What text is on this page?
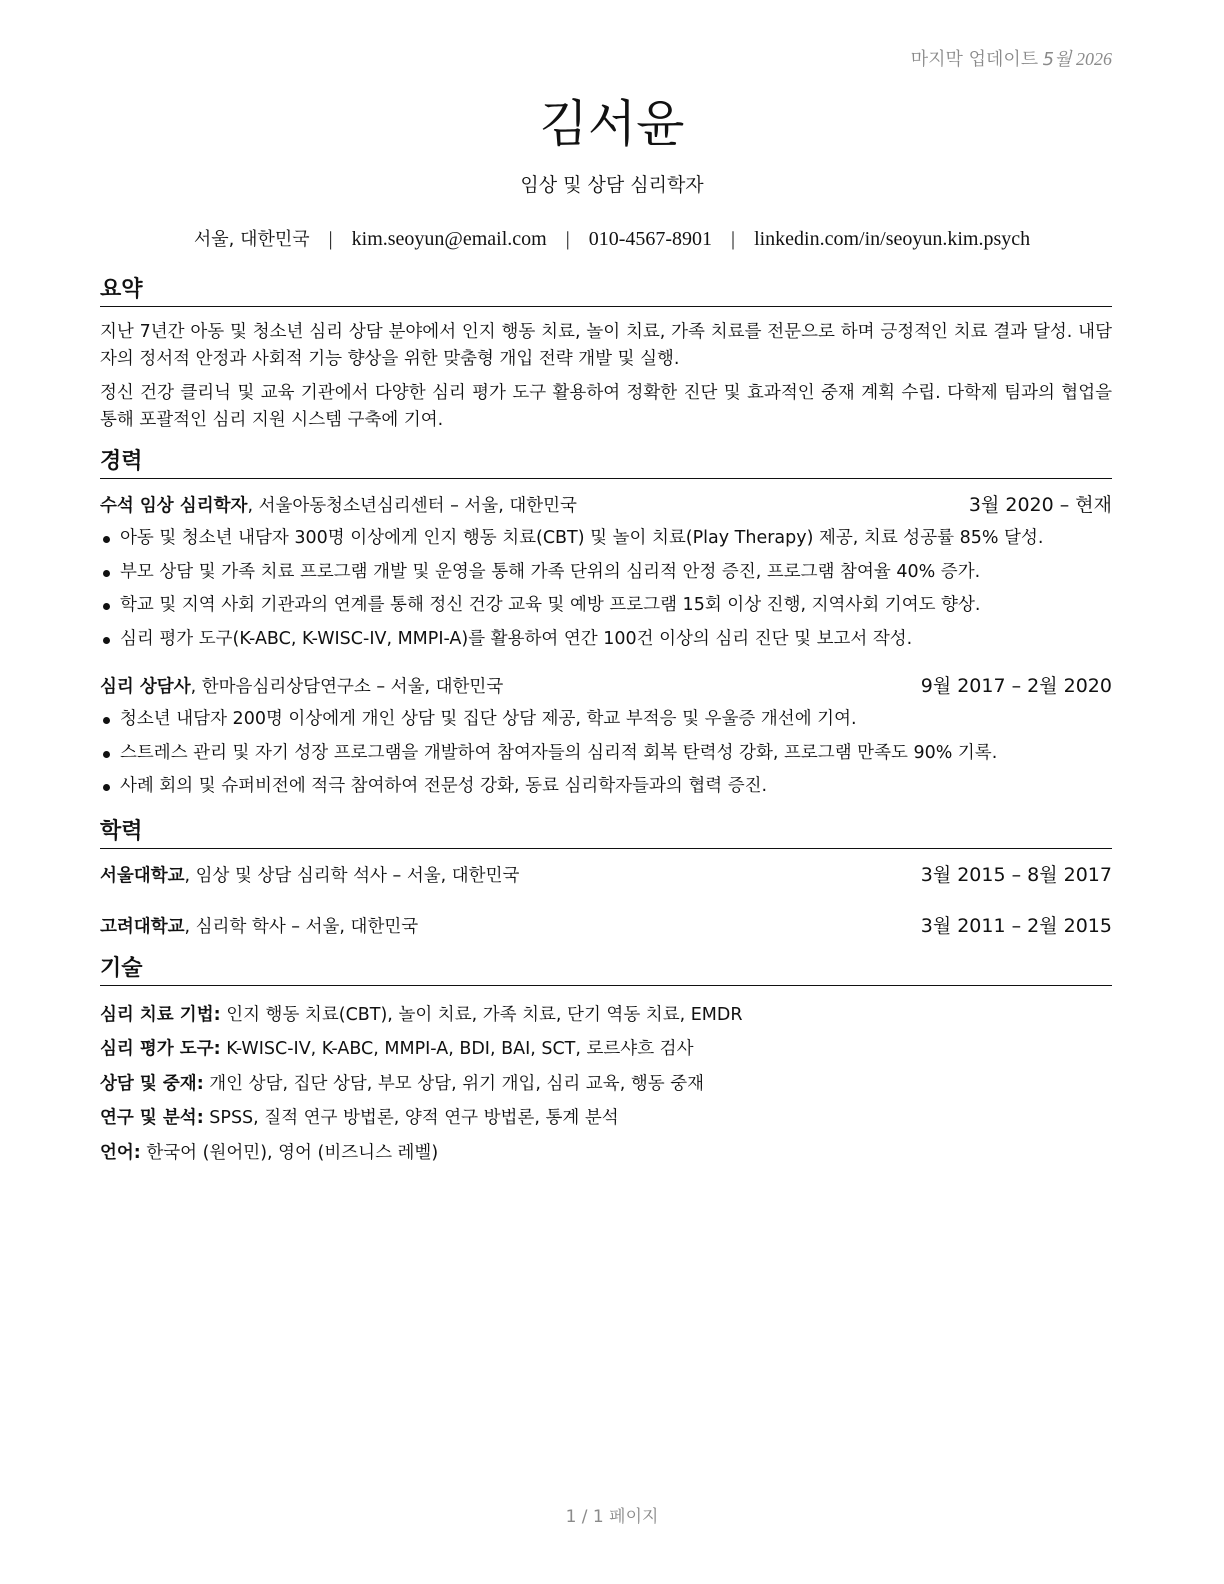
마지막 업데이트 5월 2026
김서윤
임상 및 상담 심리학자
서울, 대한민국 | kim.seoyun@email.com | 010-4567-8901 | linkedin.com/in/seoyun.kim.psych
요약

지난 7년간 아동 및 청소년 심리 상담 분야에서 인지 행동 치료, 놀이 치료, 가족 치료를 전문으로 하며 긍정적인 치료 결과 달성. 내담자의 정서적 안정과 사회적 기능 향상을 위한 맞춤형 개입 전략 개발 및 실행.

정신 건강 클리닉 및 교육 기관에서 다양한 심리 평가 도구 활용하여 정확한 진단 및 효과적인 중재 계획 수립. 다학제 팀과의 협업을 통해 포괄적인 심리 지원 시스템 구축에 기여.

경력
수석 임상 심리학자, 서울아동청소년심리센터 – 서울, 대한민국	3월 2020 – 현재
아동 및 청소년 내담자 300명 이상에게 인지 행동 치료(CBT) 및 놀이 치료(Play Therapy) 제공, 치료 성공률 85% 달성.
부모 상담 및 가족 치료 프로그램 개발 및 운영을 통해 가족 단위의 심리적 안정 증진, 프로그램 참여율 40% 증가.
학교 및 지역 사회 기관과의 연계를 통해 정신 건강 교육 및 예방 프로그램 15회 이상 진행, 지역사회 기여도 향상.
심리 평가 도구(K-ABC, K-WISC-IV, MMPI-A)를 활용하여 연간 100건 이상의 심리 진단 및 보고서 작성.
심리 상담사, 한마음심리상담연구소 – 서울, 대한민국	9월 2017 – 2월 2020
청소년 내담자 200명 이상에게 개인 상담 및 집단 상담 제공, 학교 부적응 및 우울증 개선에 기여.
스트레스 관리 및 자기 성장 프로그램을 개발하여 참여자들의 심리적 회복 탄력성 강화, 프로그램 만족도 90% 기록.
사례 회의 및 슈퍼비전에 적극 참여하여 전문성 강화, 동료 심리학자들과의 협력 증진.
학력
서울대학교, 임상 및 상담 심리학 석사 – 서울, 대한민국	3월 2015 – 8월 2017
고려대학교, 심리학 학사 – 서울, 대한민국	3월 2011 – 2월 2015
기술
심리 치료 기법: 인지 행동 치료(CBT), 놀이 치료, 가족 치료, 단기 역동 치료, EMDR
심리 평가 도구: K-WISC-IV, K-ABC, MMPI-A, BDI, BAI, SCT, 로르샤흐 검사
상담 및 중재: 개인 상담, 집단 상담, 부모 상담, 위기 개입, 심리 교육, 행동 중재
연구 및 분석: SPSS, 질적 연구 방법론, 양적 연구 방법론, 통계 분석
언어: 한국어 (원어민), 영어 (비즈니스 레벨)
1 / 1 페이지
